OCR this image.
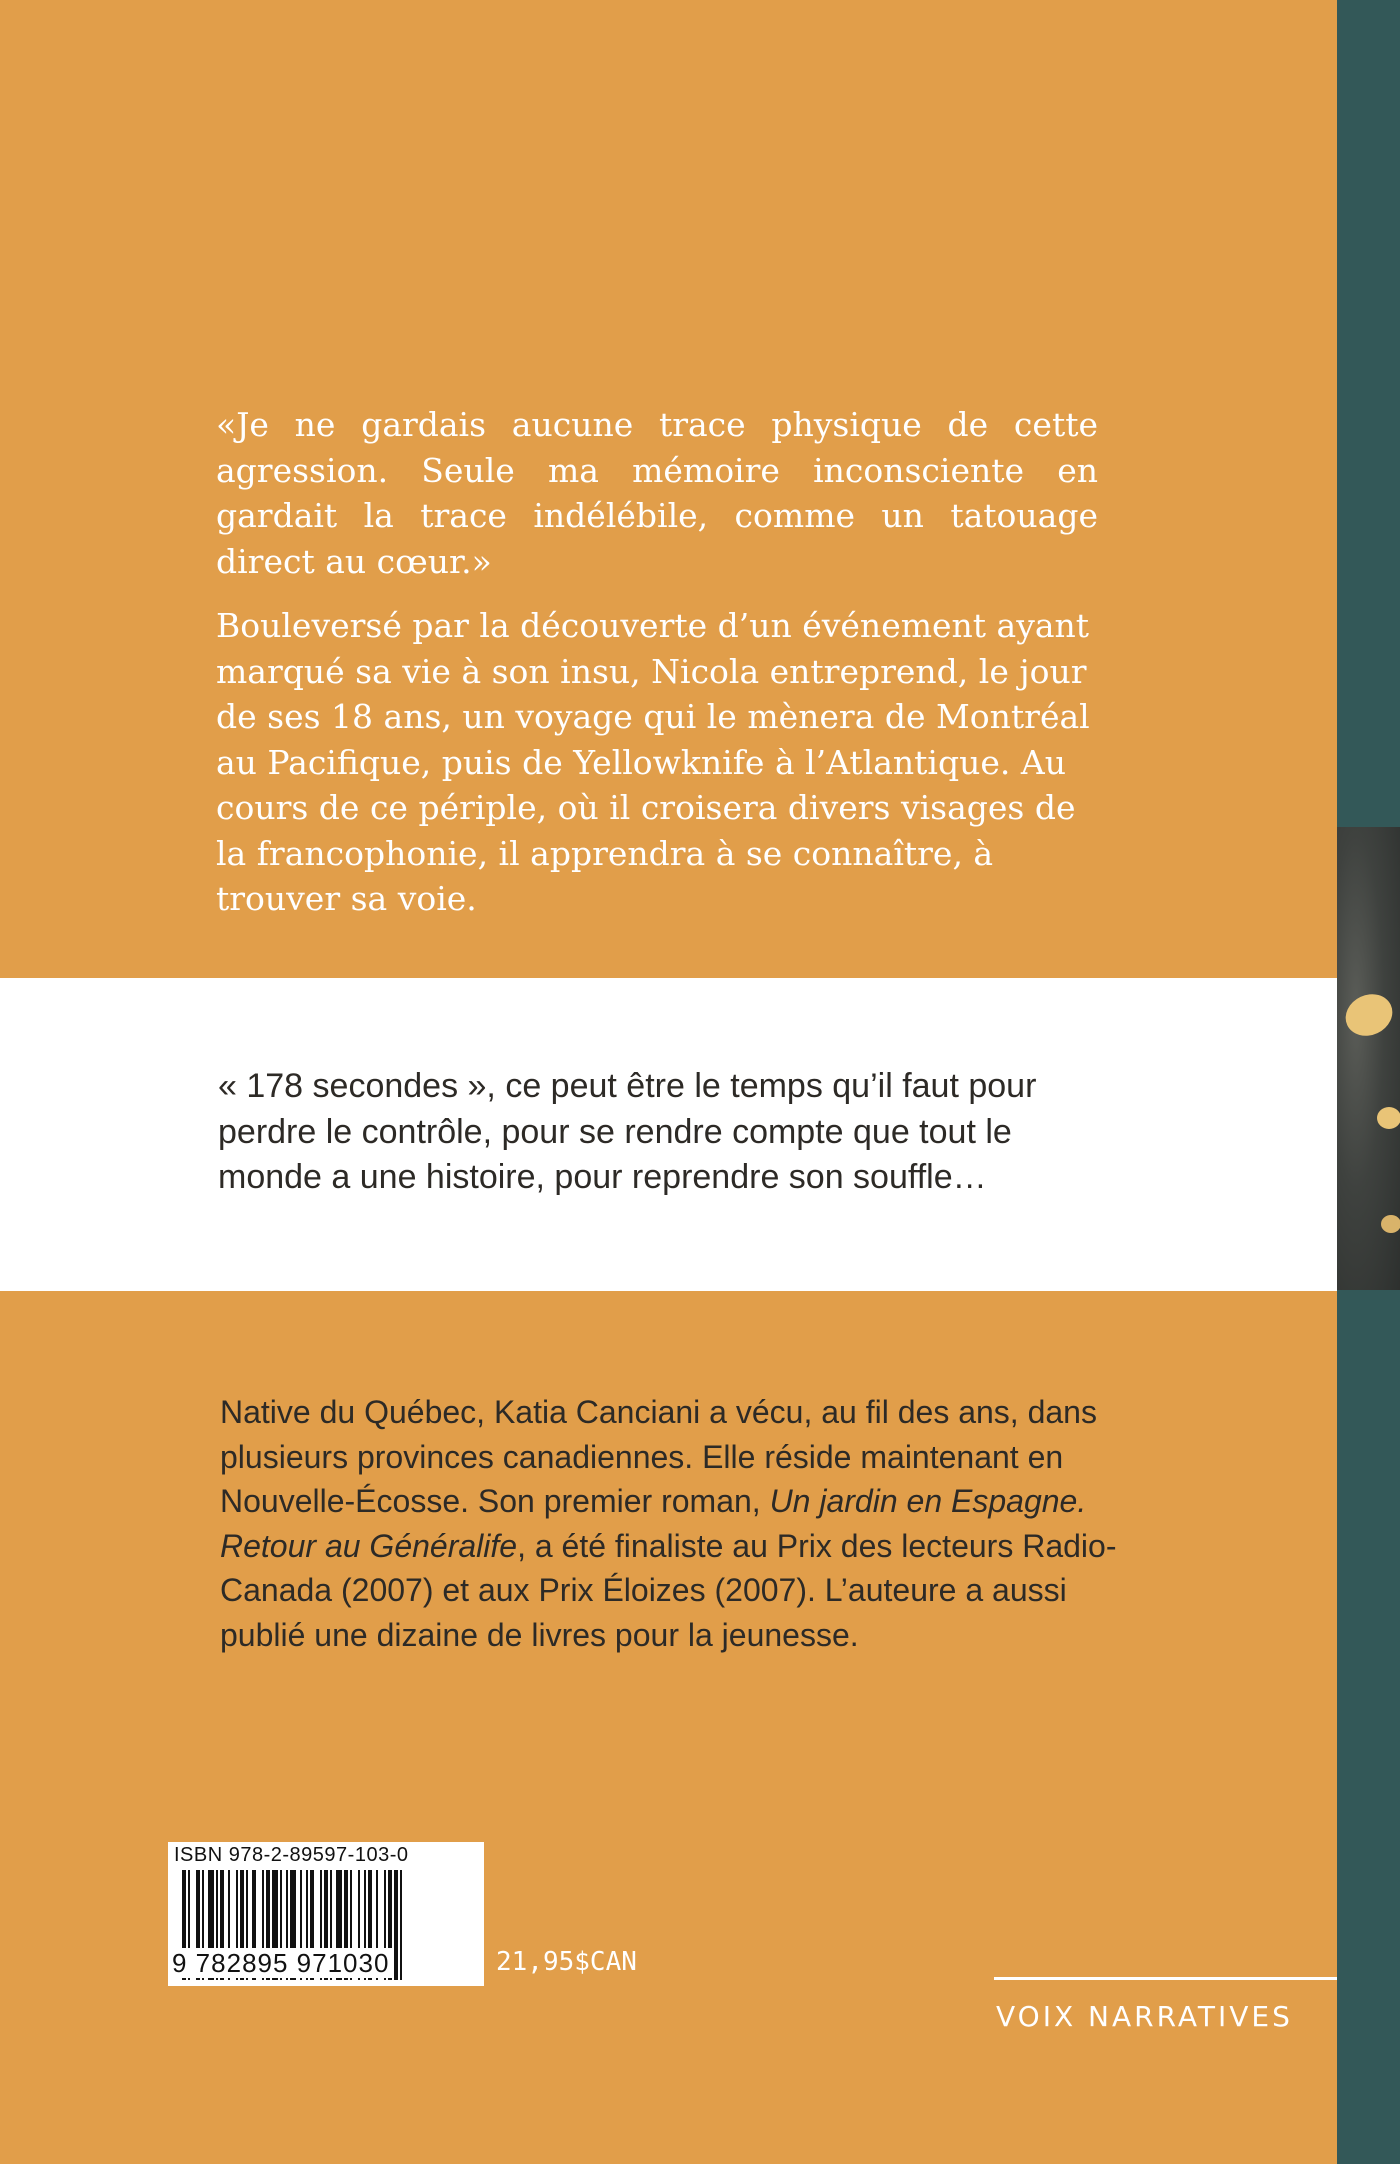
«Je ne gardais aucune trace physique de cette agression. Seule ma mémoire inconsciente en gardait la trace indélébile, comme un tatouage direct au cœur.»

Bouleversé par la découverte d’un événement ayant marqué sa vie à son insu, Nicola entreprend, le jour de ses 18 ans, un voyage qui le mènera de Montréal au Pacifique, puis de Yellowknife à l’Atlantique. Au cours de ce périple, où il croisera divers visages de la francophonie, il apprendra à se connaître, à trouver sa voie.

« 178 secondes », ce peut être le temps qu’il faut pour
perdre le contrôle, pour se rendre compte que tout le
monde a une histoire, pour reprendre son souffle…

Native du Québec, Katia Canciani a vécu, au fil des ans, dans plusieurs provinces canadiennes. Elle réside maintenant en Nouvelle-Écosse. Son premier roman, Un jardin en Espagne. Retour au Généralife, a été finaliste au Prix des lecteurs Radio-Canada (2007) et aux Prix Éloizes (2007). L’auteure a aussi publié une dizaine de livres pour la jeunesse.

ISBN 978-2-89597-103-0
9 782895 971030	21,95$CAN
VOIX NARRATIVES
